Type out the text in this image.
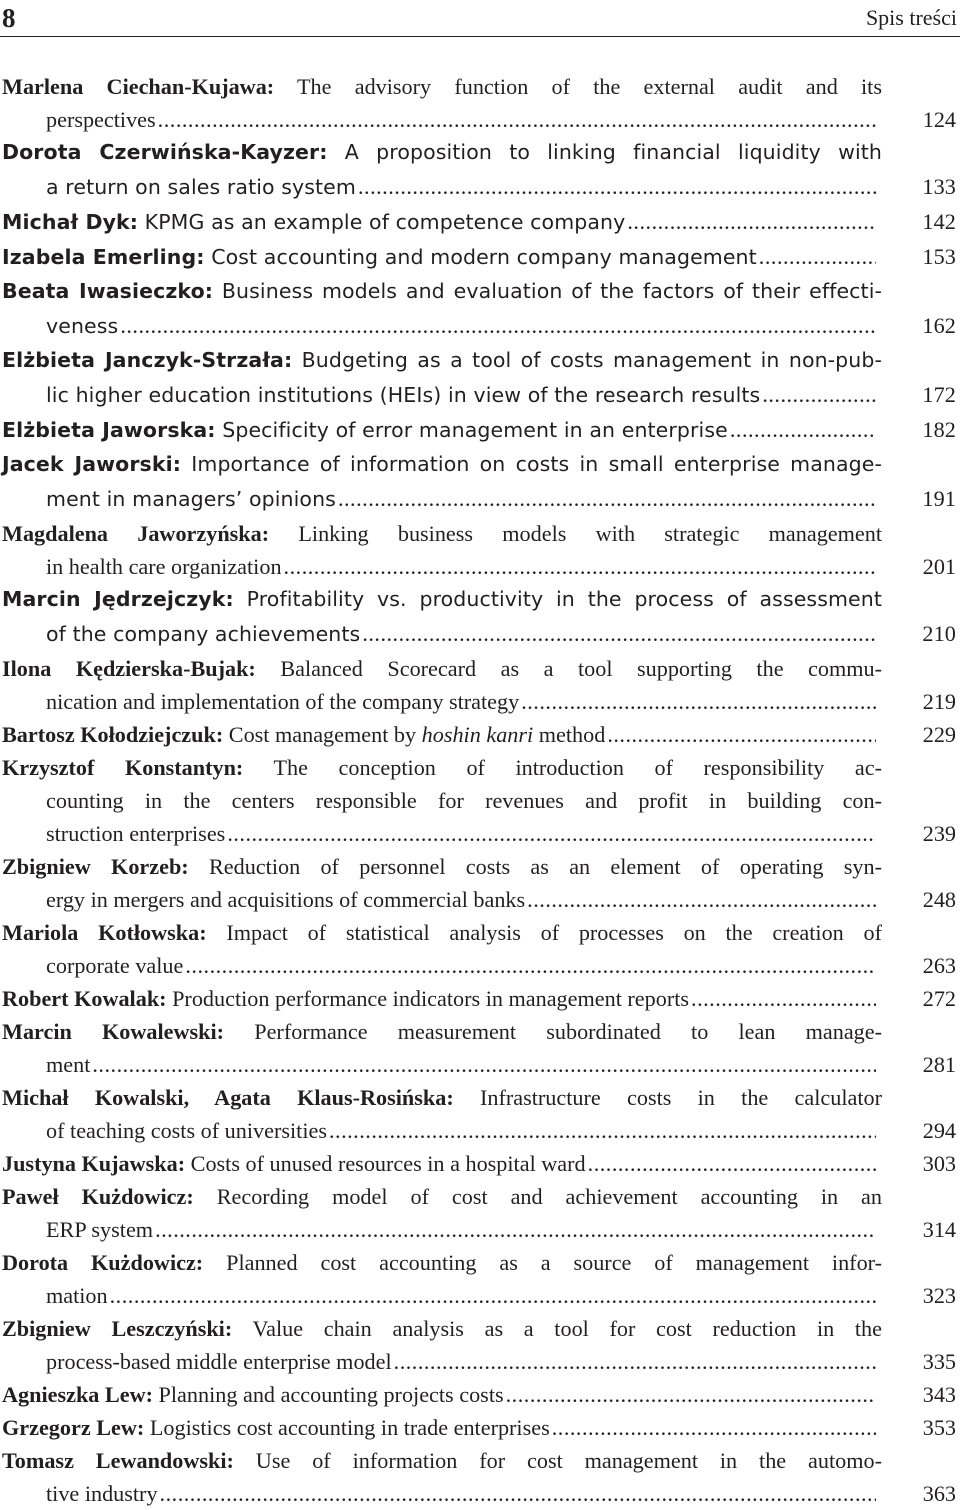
8	Spis treści
Marlena Ciechan-Kujawa: The advisory function of the external audit and its
perspectives .....	124
Dorota Czerwińska-Kayzer: A proposition to linking financial liquidity with
a return on sales ratio system .....	133
Michał Dyk: KPMG as an example of competence company .....	142
Izabela Emerling: Cost accounting and modern company management .....	153
Beata Iwasieczko: Business models and evaluation of the factors of their effecti-
veness .....	162
Elżbieta Janczyk-Strzała: Budgeting as a tool of costs management in non-pub-
lic higher education institutions (HEIs) in view of the research results .....	172
Elżbieta Jaworska: Specificity of error management in an enterprise .....	182
Jacek Jaworski: Importance of information on costs in small enterprise manage-
ment in managers’ opinions .....	191
Magdalena Jaworzyńska: Linking business models with strategic management
in health care organization .....	201
Marcin Jędrzejczyk: Profitability vs. productivity in the process of assessment
of the company achievements .....	210
Ilona Kędzierska-Bujak: Balanced Scorecard as a tool supporting the commu-
nication and implementation of the company strategy .....	219
Bartosz Kołodziejczuk: Cost management by hoshin kanri method .....	229
Krzysztof Konstantyn: The conception of introduction of responsibility ac-
counting in the centers responsible for revenues and profit in building con-
struction enterprises .....	239
Zbigniew Korzeb: Reduction of personnel costs as an element of operating syn-
ergy in mergers and acquisitions of commercial banks .....	248
Mariola Kotłowska: Impact of statistical analysis of processes on the creation of
corporate value .....	263
Robert Kowalak: Production performance indicators in management reports .....	272
Marcin Kowalewski: Performance measurement subordinated to lean manage-
ment .....	281
Michał Kowalski, Agata Klaus-Rosińska: Infrastructure costs in the calculator
of teaching costs of universities .....	294
Justyna Kujawska: Costs of unused resources in a hospital ward .....	303
Paweł Kużdowicz: Recording model of cost and achievement accounting in an
ERP system .....	314
Dorota Kużdowicz: Planned cost accounting as a source of management infor-
mation .....	323
Zbigniew Leszczyński: Value chain analysis as a tool for cost reduction in the
process-based middle enterprise model .....	335
Agnieszka Lew: Planning and accounting projects costs .....	343
Grzegorz Lew: Logistics cost accounting in trade enterprises .....	353
Tomasz Lewandowski: Use of information for cost management in the automo-
tive industry .....	363
